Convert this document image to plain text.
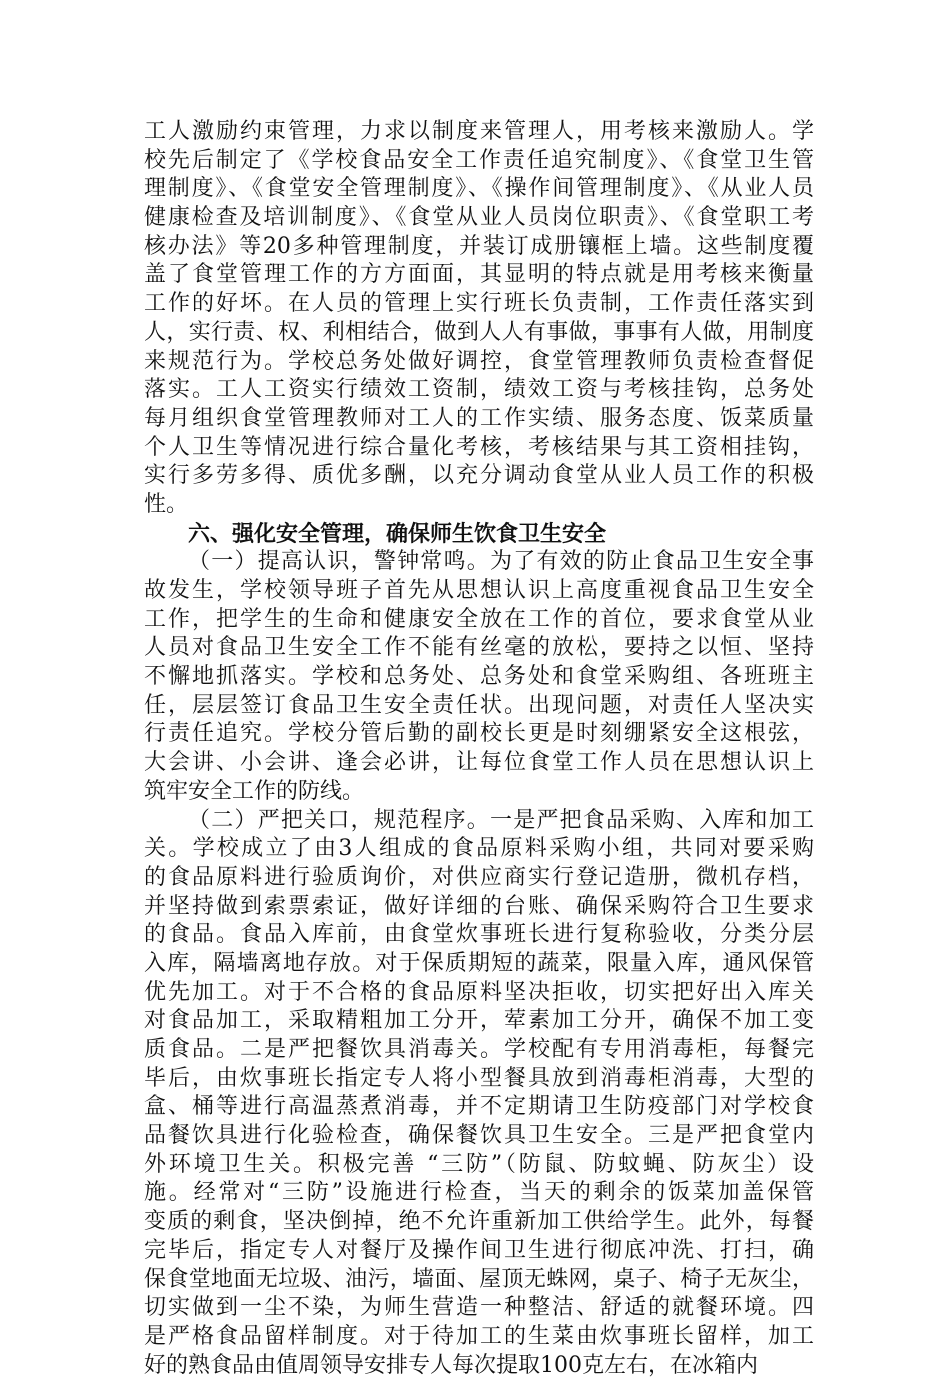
工人激励约束管理，力求以制度来管理人，用考核来激励人。学
校先后制定了《学校食品安全工作责任追究制度》、《食堂卫生管
理制度》、《食堂安全管理制度》、《操作间管理制度》、《从业人员
健康检查及培训制度》、《食堂从业人员岗位职责》、《食堂职工考
核办法》等20多种管理制度，并装订成册镶框上墙。这些制度覆
盖了食堂管理工作的方方面面，其显明的特点就是用考核来衡量
工作的好坏。在人员的管理上实行班长负责制，工作责任落实到
人，实行责、权、利相结合，做到人人有事做，事事有人做，用制度
来规范行为。学校总务处做好调控，食堂管理教师负责检查督促
落实。工人工资实行绩效工资制，绩效工资与考核挂钩，总务处
每月组织食堂管理教师对工人的工作实绩、服务态度、饭菜质量
个人卫生等情况进行综合量化考核，考核结果与其工资相挂钩，
实行多劳多得、质优多酬，以充分调动食堂从业人员工作的积极
性。
六、强化安全管理，确保师生饮食卫生安全
（一）提高认识，警钟常鸣。为了有效的防止食品卫生安全事
故发生，学校领导班子首先从思想认识上高度重视食品卫生安全
工作，把学生的生命和健康安全放在工作的首位，要求食堂从业
人员对食品卫生安全工作不能有丝毫的放松，要持之以恒、坚持
不懈地抓落实。学校和总务处、总务处和食堂采购组、各班班主
任，层层签订食品卫生安全责任状。出现问题，对责任人坚决实
行责任追究。学校分管后勤的副校长更是时刻绷紧安全这根弦，
大会讲、小会讲、逢会必讲，让每位食堂工作人员在思想认识上
筑牢安全工作的防线。
（二）严把关口，规范程序。一是严把食品采购、入库和加工
关。学校成立了由3人组成的食品原料采购小组，共同对要采购
的食品原料进行验质询价，对供应商实行登记造册，微机存档，
并坚持做到索票索证，做好详细的台账、确保采购符合卫生要求
的食品。食品入库前，由食堂炊事班长进行复称验收，分类分层
入库，隔墙离地存放。对于保质期短的蔬菜，限量入库，通风保管
优先加工。对于不合格的食品原料坚决拒收，切实把好出入库关
对食品加工，采取精粗加工分开，荤素加工分开，确保不加工变
质食品。二是严把餐饮具消毒关。学校配有专用消毒柜，每餐完
毕后，由炊事班长指定专人将小型餐具放到消毒柜消毒，大型的
盒、桶等进行高温蒸煮消毒，并不定期请卫生防疫部门对学校食
品餐饮具进行化验检查，确保餐饮具卫生安全。三是严把食堂内
外环境卫生关。积极完善 “三防”（防鼠、防蚊蝇、防灰尘）设
施。经常对“三防”设施进行检查，当天的剩余的饭菜加盖保管
变质的剩食，坚决倒掉，绝不允许重新加工供给学生。此外，每餐
完毕后，指定专人对餐厅及操作间卫生进行彻底冲洗、打扫，确
保食堂地面无垃圾、油污，墙面、屋顶无蛛网，桌子、椅子无灰尘，
切实做到一尘不染，为师生营造一种整洁、舒适的就餐环境。四
是严格食品留样制度。对于待加工的生菜由炊事班长留样，加工
好的熟食品由值周领导安排专人每次提取100克左右，在冰箱内
